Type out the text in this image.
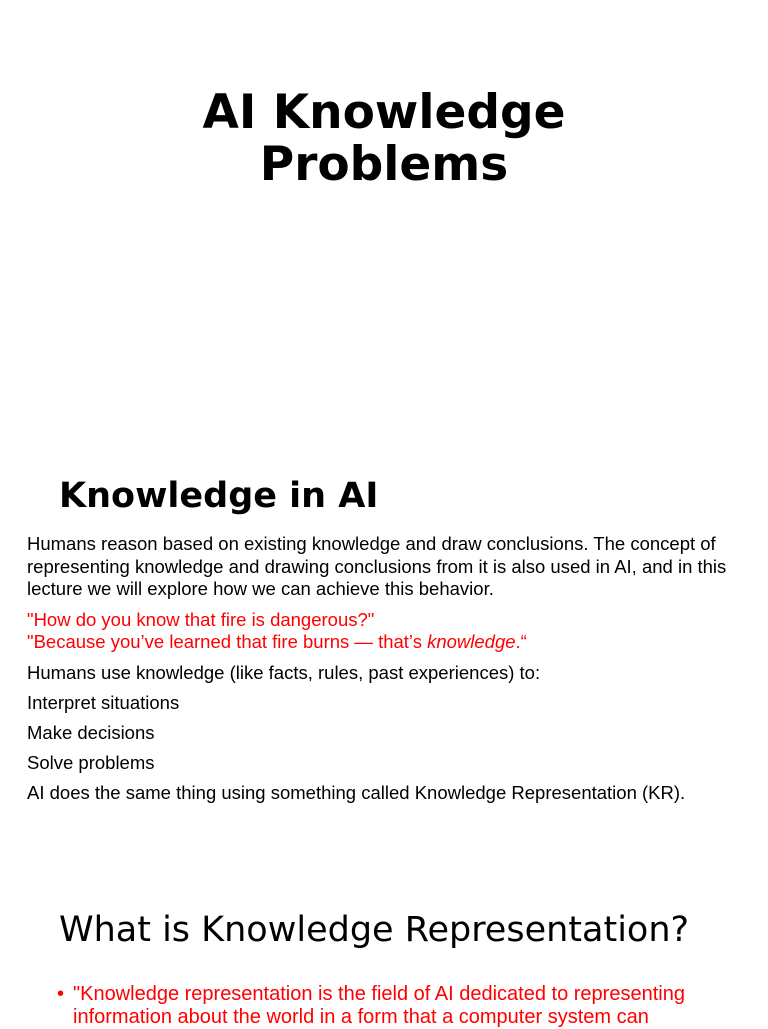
AI Knowledge
Problems
Knowledge in AI

Humans reason based on existing knowledge and draw conclusions. The concept of representing knowledge and drawing conclusions from it is also used in AI, and in this lecture we will explore how we can achieve this behavior.

"How do you know that fire is dangerous?"

"Because you’ve learned that fire burns — that’s knowledge.“

Humans use knowledge (like facts, rules, past experiences) to:

Interpret situations

Make decisions

Solve problems

AI does the same thing using something called Knowledge Representation (KR).

What is Knowledge Representation?
• "Knowledge representation is the field of AI dedicated to representing information about the world in a form that a computer system can
